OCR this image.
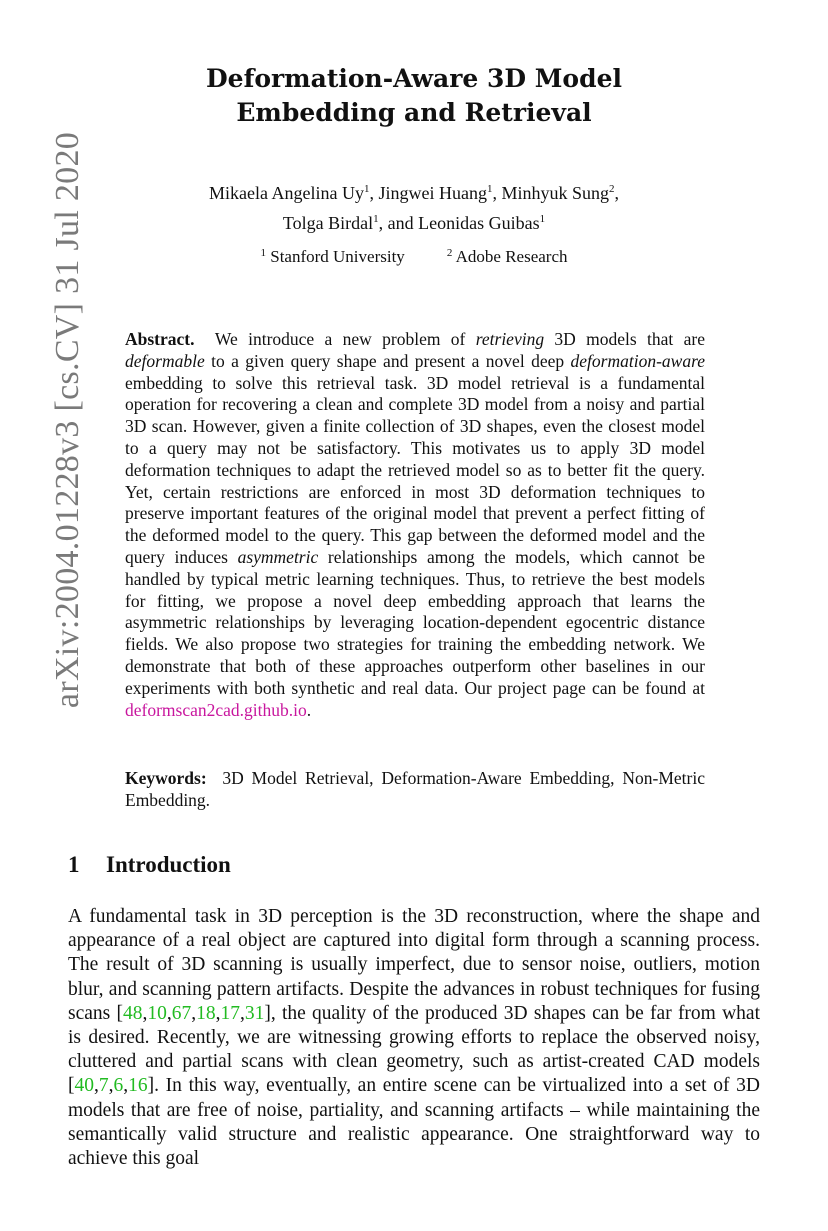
arXiv:2004.01228v3 [cs.CV] 31 Jul 2020
Deformation-Aware 3D Model
Embedding and Retrieval
Mikaela Angelina Uy$^1$, Jingwei Huang$^1$, Minhyuk Sung$^2$,
Tolga Birdal$^1$, and Leonidas Guibas$^1$
$^1$ Stanford University	$^2$ Adobe Research
Abstract. We introduce a new problem of retrieving 3D models that are deformable to a given query shape and present a novel deep deformation-aware embedding to solve this retrieval task. 3D model retrieval is a fundamental operation for recovering a clean and complete 3D model from a noisy and partial 3D scan. However, given a finite collection of 3D shapes, even the closest model to a query may not be satisfactory. This motivates us to apply 3D model deformation techniques to adapt the retrieved model so as to better fit the query. Yet, certain restrictions are enforced in most 3D deformation techniques to preserve important features of the original model that prevent a perfect fitting of the deformed model to the query. This gap between the deformed model and the query induces asymmetric relationships among the models, which cannot be handled by typical metric learning techniques. Thus, to retrieve the best models for fitting, we propose a novel deep embedding approach that learns the asymmetric relationships by leveraging location-dependent egocentric distance fields. We also propose two strategies for training the embedding network. We demonstrate that both of these approaches outperform other baselines in our experiments with both synthetic and real data. Our project page can be found at deformscan2cad.github.io.
Keywords: 3D Model Retrieval, Deformation-Aware Embedding, Non-Metric Embedding.
1 Introduction
A fundamental task in 3D perception is the 3D reconstruction, where the shape and appearance of a real object are captured into digital form through a scanning process. The result of 3D scanning is usually imperfect, due to sensor noise, outliers, motion blur, and scanning pattern artifacts. Despite the advances in robust techniques for fusing scans [48,10,67,18,17,31], the quality of the produced 3D shapes can be far from what is desired. Recently, we are witnessing growing efforts to replace the observed noisy, cluttered and partial scans with clean geometry, such as artist-created CAD models [40,7,6,16]. In this way, eventually, an entire scene can be virtualized into a set of 3D models that are free of noise, partiality, and scanning artifacts – while maintaining the semantically valid structure and realistic appearance. One straightforward way to achieve this goal
